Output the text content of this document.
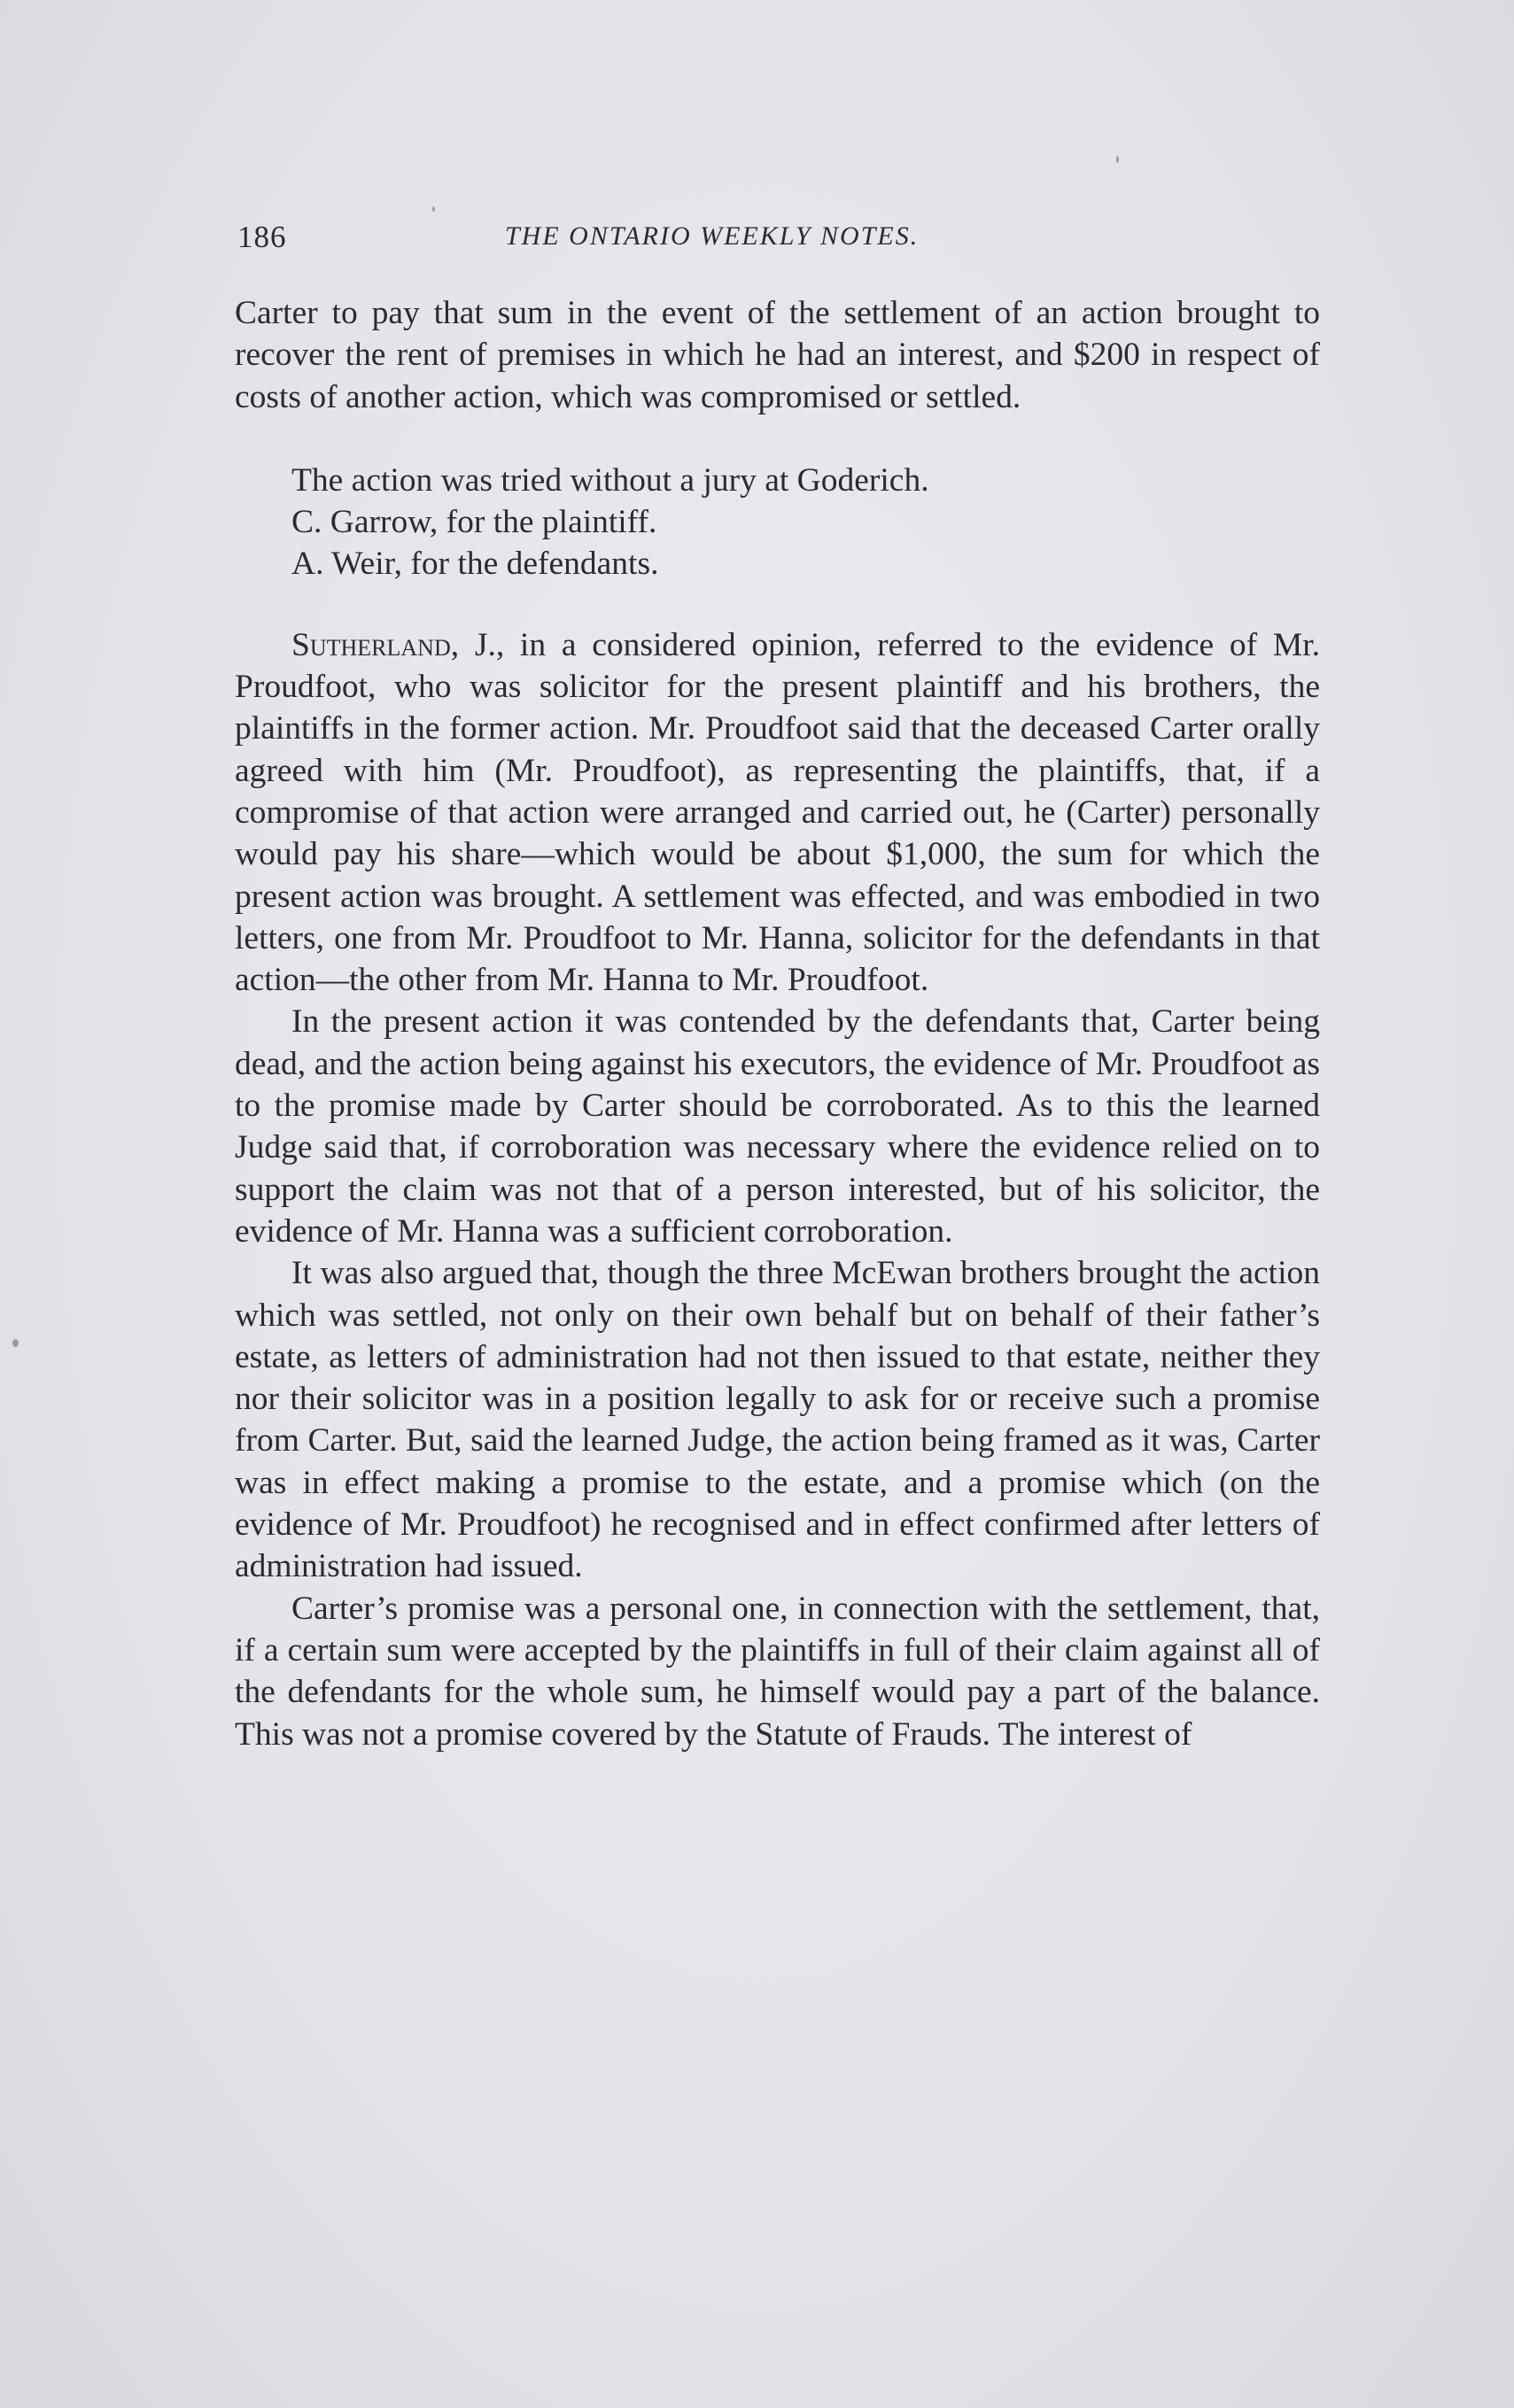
186	THE ONTARIO WEEKLY NOTES.

Carter to pay that sum in the event of the settlement of an action brought to recover the rent of premises in which he had an interest, and $200 in respect of costs of another action, which was compromised or settled.

The action was tried without a jury at Goderich.

C. Garrow, for the plaintiff.

A. Weir, for the defendants.

Sutherland, J., in a considered opinion, referred to the evidence of Mr. Proudfoot, who was solicitor for the present plaintiff and his brothers, the plaintiffs in the former action. Mr. Proudfoot said that the deceased Carter orally agreed with him (Mr. Proudfoot), as representing the plaintiffs, that, if a compromise of that action were arranged and carried out, he (Carter) personally would pay his share—which would be about $1,000, the sum for which the present action was brought. A settlement was effected, and was embodied in two letters, one from Mr. Proudfoot to Mr. Hanna, solicitor for the defendants in that action—the other from Mr. Hanna to Mr. Proudfoot.

In the present action it was contended by the defendants that, Carter being dead, and the action being against his executors, the evidence of Mr. Proudfoot as to the promise made by Carter should be corroborated. As to this the learned Judge said that, if corroboration was necessary where the evidence relied on to support the claim was not that of a person interested, but of his solicitor, the evidence of Mr. Hanna was a sufficient corroboration.

It was also argued that, though the three McEwan brothers brought the action which was settled, not only on their own behalf but on behalf of their father’s estate, as letters of administration had not then issued to that estate, neither they nor their solicitor was in a position legally to ask for or receive such a promise from Carter. But, said the learned Judge, the action being framed as it was, Carter was in effect making a promise to the estate, and a promise which (on the evidence of Mr. Proudfoot) he recognised and in effect confirmed after letters of administration had issued.

Carter’s promise was a personal one, in connection with the settlement, that, if a certain sum were accepted by the plaintiffs in full of their claim against all of the defendants for the whole sum, he himself would pay a part of the balance. This was not a promise covered by the Statute of Frauds. The interest of
